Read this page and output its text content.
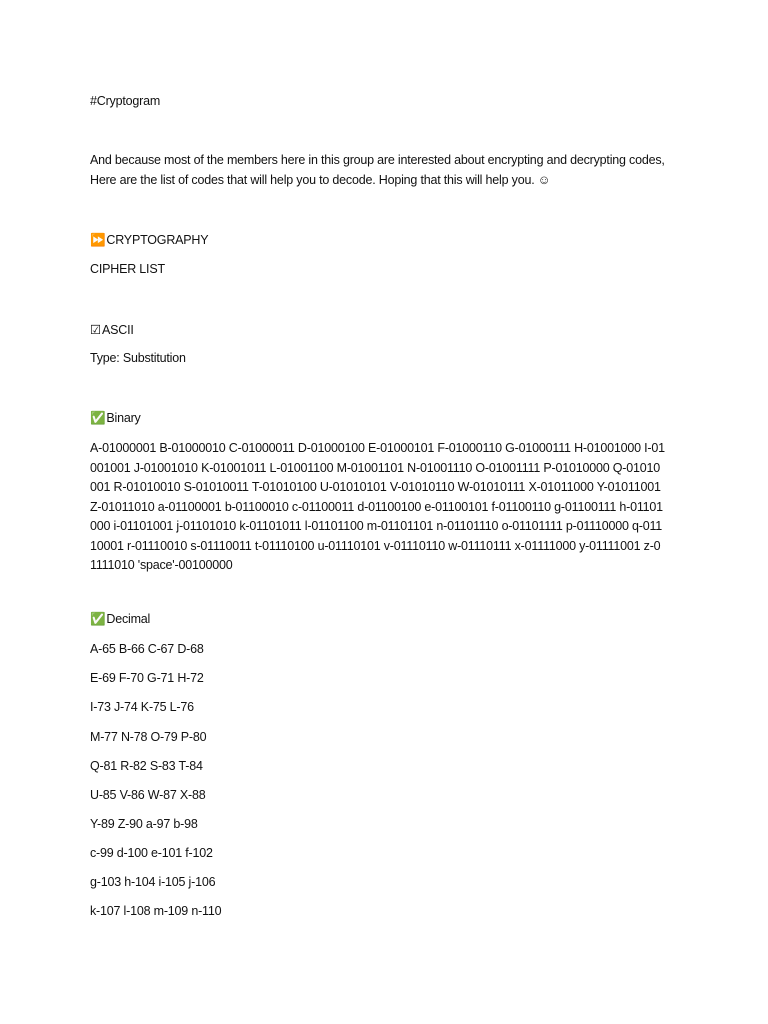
#Cryptogram
And because most of the members here in this group are interested about encrypting and decrypting codes, Here are the list of codes that will help you to decode. Hoping that this will help you. ☺
⏩CRYPTOGRAPHY
CIPHER LIST
☑ASCII
Type: Substitution
✅Binary
A-01000001 B-01000010 C-01000011 D-01000100 E-01000101 F-01000110 G-01000111 H-01001000 I-01001001 J-01001010 K-01001011 L-01001100 M-01001101 N-01001110 O-01001111 P-01010000 Q-01010001 R-01010010 S-01010011 T-01010100 U-01010101 V-01010110 W-01010111 X-01011000 Y-01011001 Z-01011010 a-01100001 b-01100010 c-01100011 d-01100100 e-01100101 f-01100110 g-01100111 h-01101000 i-01101001 j-01101010 k-01101011 l-01101100 m-01101101 n-01101110 o-01101111 p-01110000 q-01110001 r-01110010 s-01110011 t-01110100 u-01110101 v-01110110 w-01110111 x-01111000 y-01111001 z-01111010 'space'-00100000
✅Decimal
A-65 B-66 C-67 D-68
E-69 F-70 G-71 H-72
I-73 J-74 K-75 L-76
M-77 N-78 O-79 P-80
Q-81 R-82 S-83 T-84
U-85 V-86 W-87 X-88
Y-89 Z-90 a-97 b-98
c-99 d-100 e-101 f-102
g-103 h-104 i-105 j-106
k-107 l-108 m-109 n-110
